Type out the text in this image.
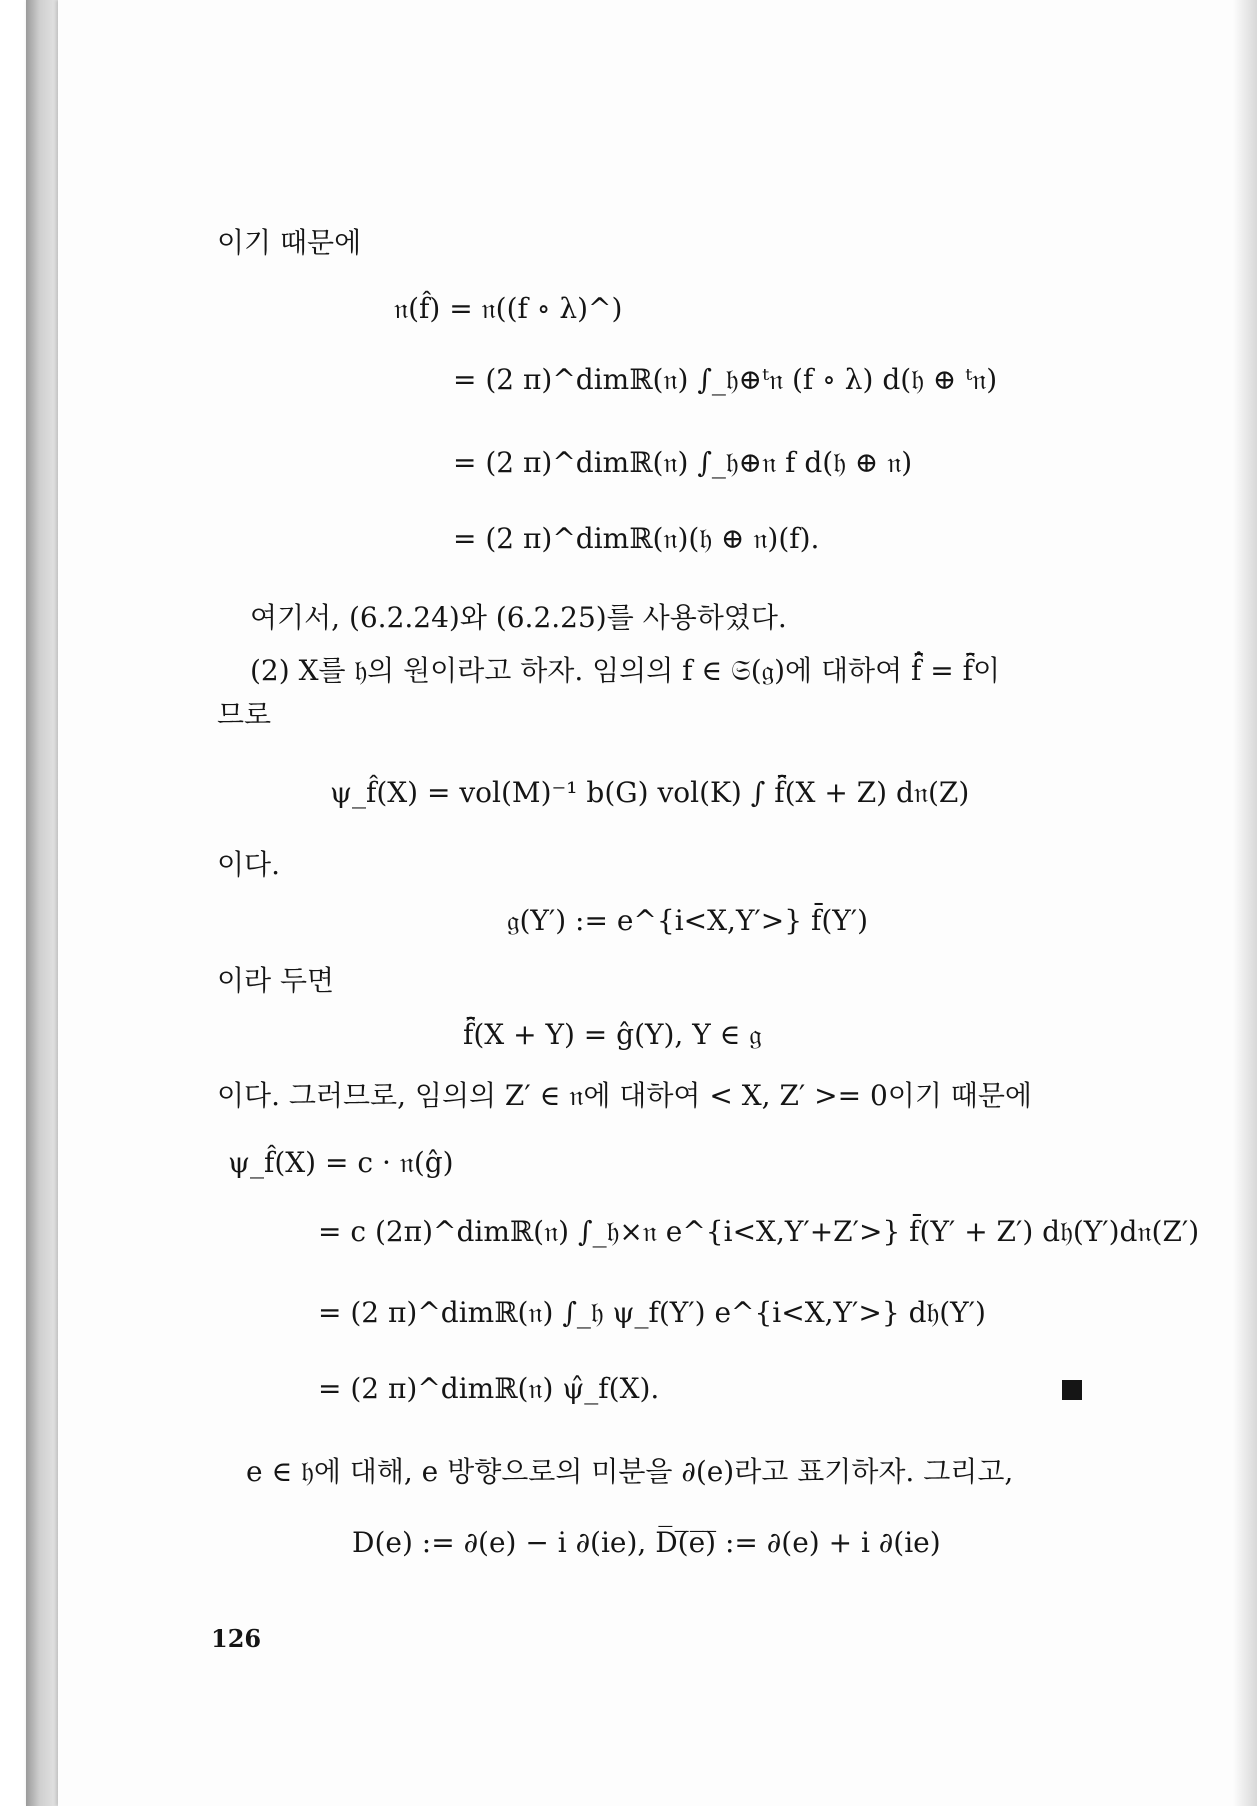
이기 때문에
𝔫(f̂) = 𝔫((f ∘ λ)^)
= (2 π)^dimℝ(𝔫) ∫_𝔥⊕ᵗ𝔫 (f ∘ λ) d(𝔥 ⊕ ᵗ𝔫)
= (2 π)^dimℝ(𝔫) ∫_𝔥⊕𝔫 f d(𝔥 ⊕ 𝔫)
= (2 π)^dimℝ(𝔫)(𝔥 ⊕ 𝔫)(f).
여기서, (6.2.24)와 (6.2.25)를 사용하였다.
(2) X를 𝔥의 원이라고 하자. 임의의 f ∈ 𝔖(𝔤)에 대하여 f̄̂ = f̂̄이
므로
ψ_f̂(X) = vol(M)⁻¹ b(G) vol(K) ∫ f̂̄(X + Z) d𝔫(Z)
이다.
𝔤(Y′) := e^{i<X,Y′>} f̄(Y′)
이라 두면
f̂̄(X + Y) = ĝ(Y), Y ∈ 𝔤
이다. 그러므로, 임의의 Z′ ∈ 𝔫에 대하여 < X, Z′ >= 0이기 때문에
ψ_f̂(X) = c · 𝔫(ĝ)
= c (2π)^dimℝ(𝔫) ∫_𝔥×𝔫 e^{i<X,Y′+Z′>} f̄(Y′ + Z′) d𝔥(Y′)d𝔫(Z′)
= (2 π)^dimℝ(𝔫) ∫_𝔥 ψ_f(Y′) e^{i<X,Y′>} d𝔥(Y′)
= (2 π)^dimℝ(𝔫) ψ̂_f(X).
e ∈ 𝔥에 대해, e 방향으로의 미분을 ∂(e)라고 표기하자. 그리고,
D(e) := ∂(e) − i ∂(ie), D̅(̅e̅)̅ := ∂(e) + i ∂(ie)
126
